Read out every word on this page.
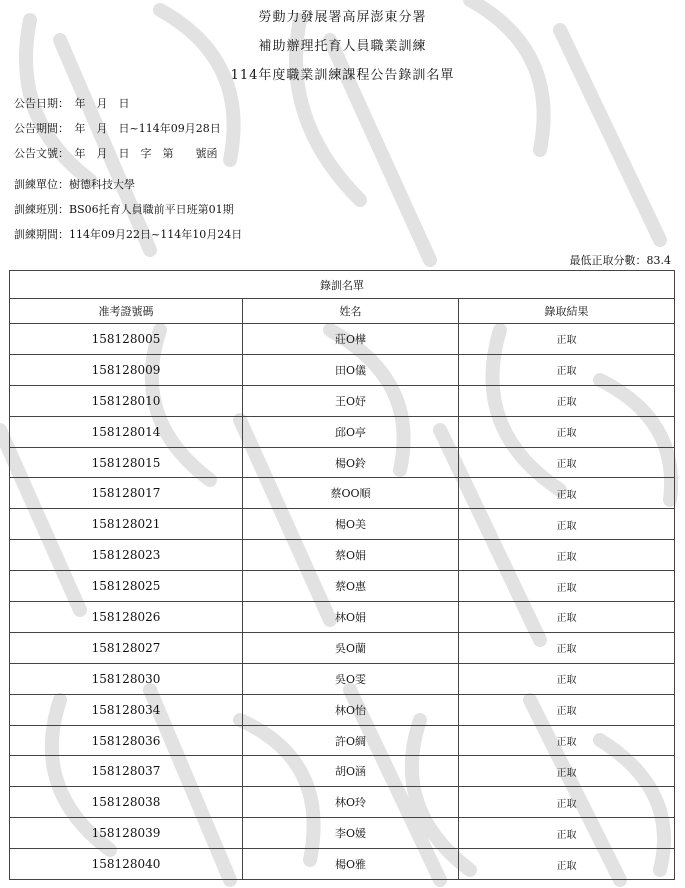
勞動力發展署高屏澎東分署
補助辦理托育人員職業訓練
114年度職業訓練課程公告錄訓名單
公告日期：　年　月　日
公告期間：　年　月　日~114年09月28日
公告文號：　年　月　日　字　第　　號函
訓練單位：樹德科技大學
訓練班別：BS06托育人員職前平日班第01期
訓練期間：114年09月22日~114年10月24日
最低正取分數：83.4
錄訓名單		
准考證號碼	姓名	錄取結果
158128005	莊O樺	正取
158128009	田O儀	正取
158128010	王O妤	正取
158128014	邱O亭	正取
158128015	楊O鈴	正取
158128017	蔡OO順	正取
158128021	楊O美	正取
158128023	蔡O娟	正取
158128025	蔡O惠	正取
158128026	林O娟	正取
158128027	吳O蘭	正取
158128030	吳O雯	正取
158128034	林O怡	正取
158128036	許O綢	正取
158128037	胡O涵	正取
158128038	林O玲	正取
158128039	李O媛	正取
158128040	楊O雅	正取
